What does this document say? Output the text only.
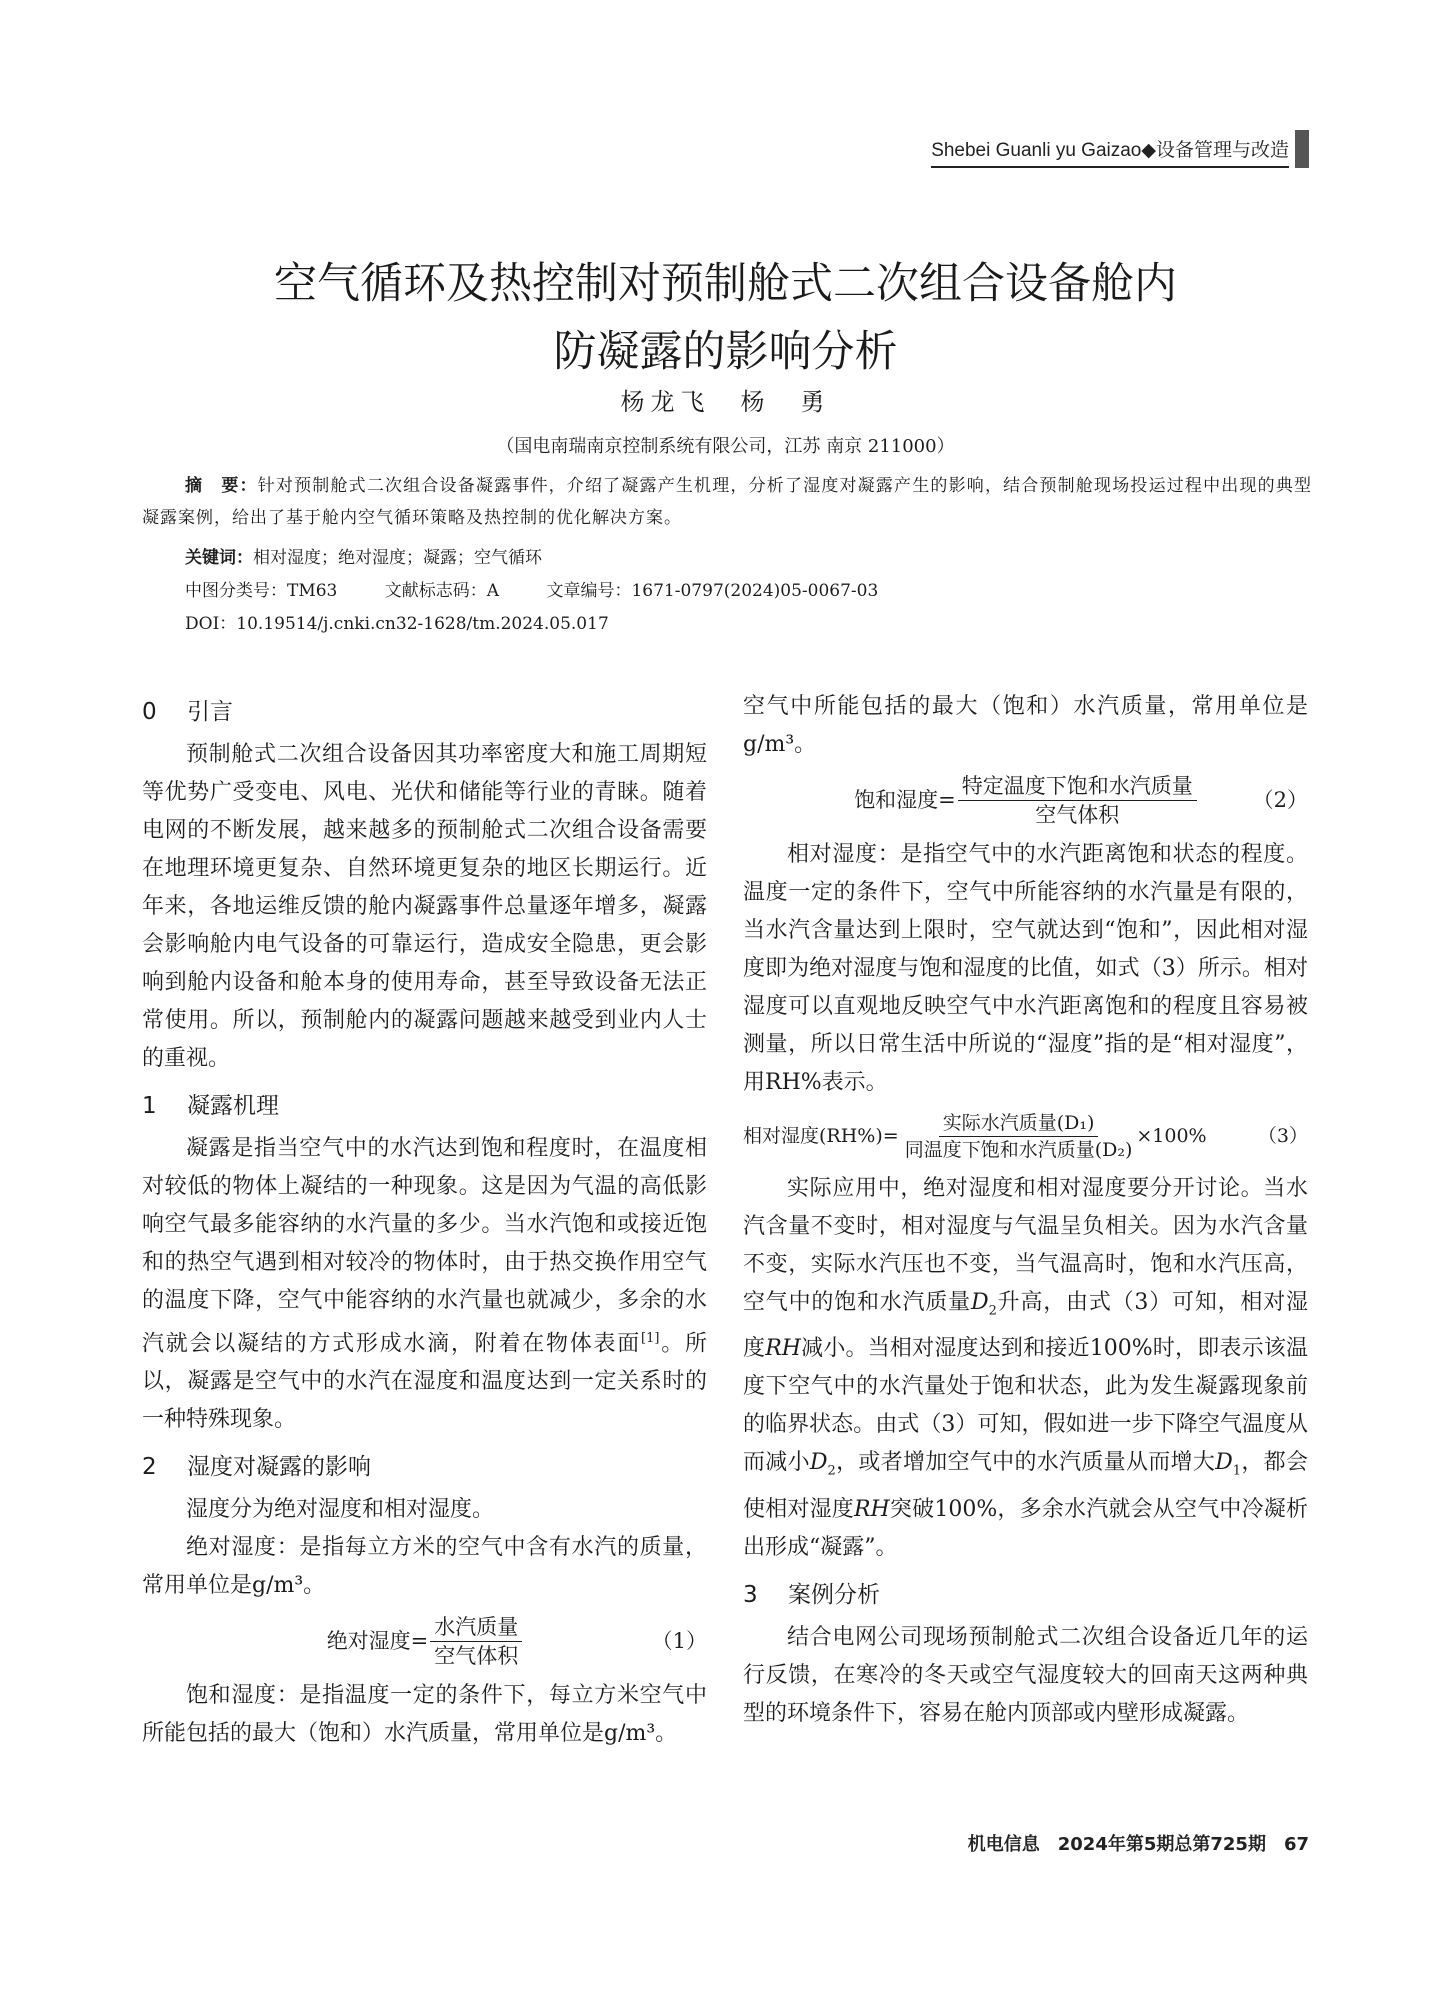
Shebei Guanli yu Gaizao◆设备管理与改造
空气循环及热控制对预制舱式二次组合设备舱内
防凝露的影响分析
杨龙飞　杨　勇
（国电南瑞南京控制系统有限公司，江苏 南京 211000）
摘　要：针对预制舱式二次组合设备凝露事件，介绍了凝露产生机理，分析了湿度对凝露产生的影响，结合预制舱现场投运过程中出现的典型凝露案例，给出了基于舱内空气循环策略及热控制的优化解决方案。
关键词：相对湿度；绝对湿度；凝露；空气循环
中图分类号：TM63	文献标志码：A	文章编号：1671-0797(2024)05-0067-03
DOI：10.19514/j.cnki.cn32-1628/tm.2024.05.017
0 引言

预制舱式二次组合设备因其功率密度大和施工周期短等优势广受变电、风电、光伏和储能等行业的青睐。随着电网的不断发展，越来越多的预制舱式二次组合设备需要在地理环境更复杂、自然环境更复杂的地区长期运行。近年来，各地运维反馈的舱内凝露事件总量逐年增多，凝露会影响舱内电气设备的可靠运行，造成安全隐患，更会影响到舱内设备和舱本身的使用寿命，甚至导致设备无法正常使用。所以，预制舱内的凝露问题越来越受到业内人士的重视。

1 凝露机理

凝露是指当空气中的水汽达到饱和程度时，在温度相对较低的物体上凝结的一种现象。这是因为气温的高低影响空气最多能容纳的水汽量的多少。当水汽饱和或接近饱和的热空气遇到相对较冷的物体时，由于热交换作用空气的温度下降，空气中能容纳的水汽量也就减少，多余的水汽就会以凝结的方式形成水滴，附着在物体表面[1]。所以，凝露是空气中的水汽在湿度和温度达到一定关系时的一种特殊现象。

2 湿度对凝露的影响

湿度分为绝对湿度和相对湿度。

绝对湿度：是指每立方米的空气中含有水汽的质量，常用单位是g/m³。

绝对湿度= $\frac{\text{水汽质量}}{\text{空气体积}}$	（1）

饱和湿度：是指温度一定的条件下，每立方米空气中所能包括的最大（饱和）水汽质量，常用单位是g/m³。

空气中所能包括的最大（饱和）水汽质量，常用单位是g/m³。

饱和湿度= $\frac{\text{特定温度下饱和水汽质量}}{\text{空气体积}}$	（2）

相对湿度：是指空气中的水汽距离饱和状态的程度。温度一定的条件下，空气中所能容纳的水汽量是有限的，当水汽含量达到上限时，空气就达到“饱和”，因此相对湿度即为绝对湿度与饱和湿度的比值，如式（3）所示。相对湿度可以直观地反映空气中水汽距离饱和的程度且容易被测量，所以日常生活中所说的“湿度”指的是“相对湿度”，用RH%表示。

相对湿度$(RH\%)= \frac{\text{实际水汽质量(D₁)}}{\text{同温度下饱和水汽质量(D₂)}} \times 100\%$	（3）

实际应用中，绝对湿度和相对湿度要分开讨论。当水汽含量不变时，相对湿度与气温呈负相关。因为水汽含量不变，实际水汽压也不变，当气温高时，饱和水汽压高，空气中的饱和水汽质量$D_2$升高，由式（3）可知，相对湿度RH减小。当相对湿度达到和接近100%时，即表示该温度下空气中的水汽量处于饱和状态，此为发生凝露现象前的临界状态。由式（3）可知，假如进一步下降空气温度从而减小$D_2$，或者增加空气中的水汽质量从而增大$D_1$，都会使相对湿度RH突破100%，多余水汽就会从空气中冷凝析出形成“凝露”。

3 案例分析

结合电网公司现场预制舱式二次组合设备近几年的运行反馈，在寒冷的冬天或空气湿度较大的回南天这两种典型的环境条件下，容易在舱内顶部或内壁形成凝露。

机电信息　2024年第5期总第725期　67
